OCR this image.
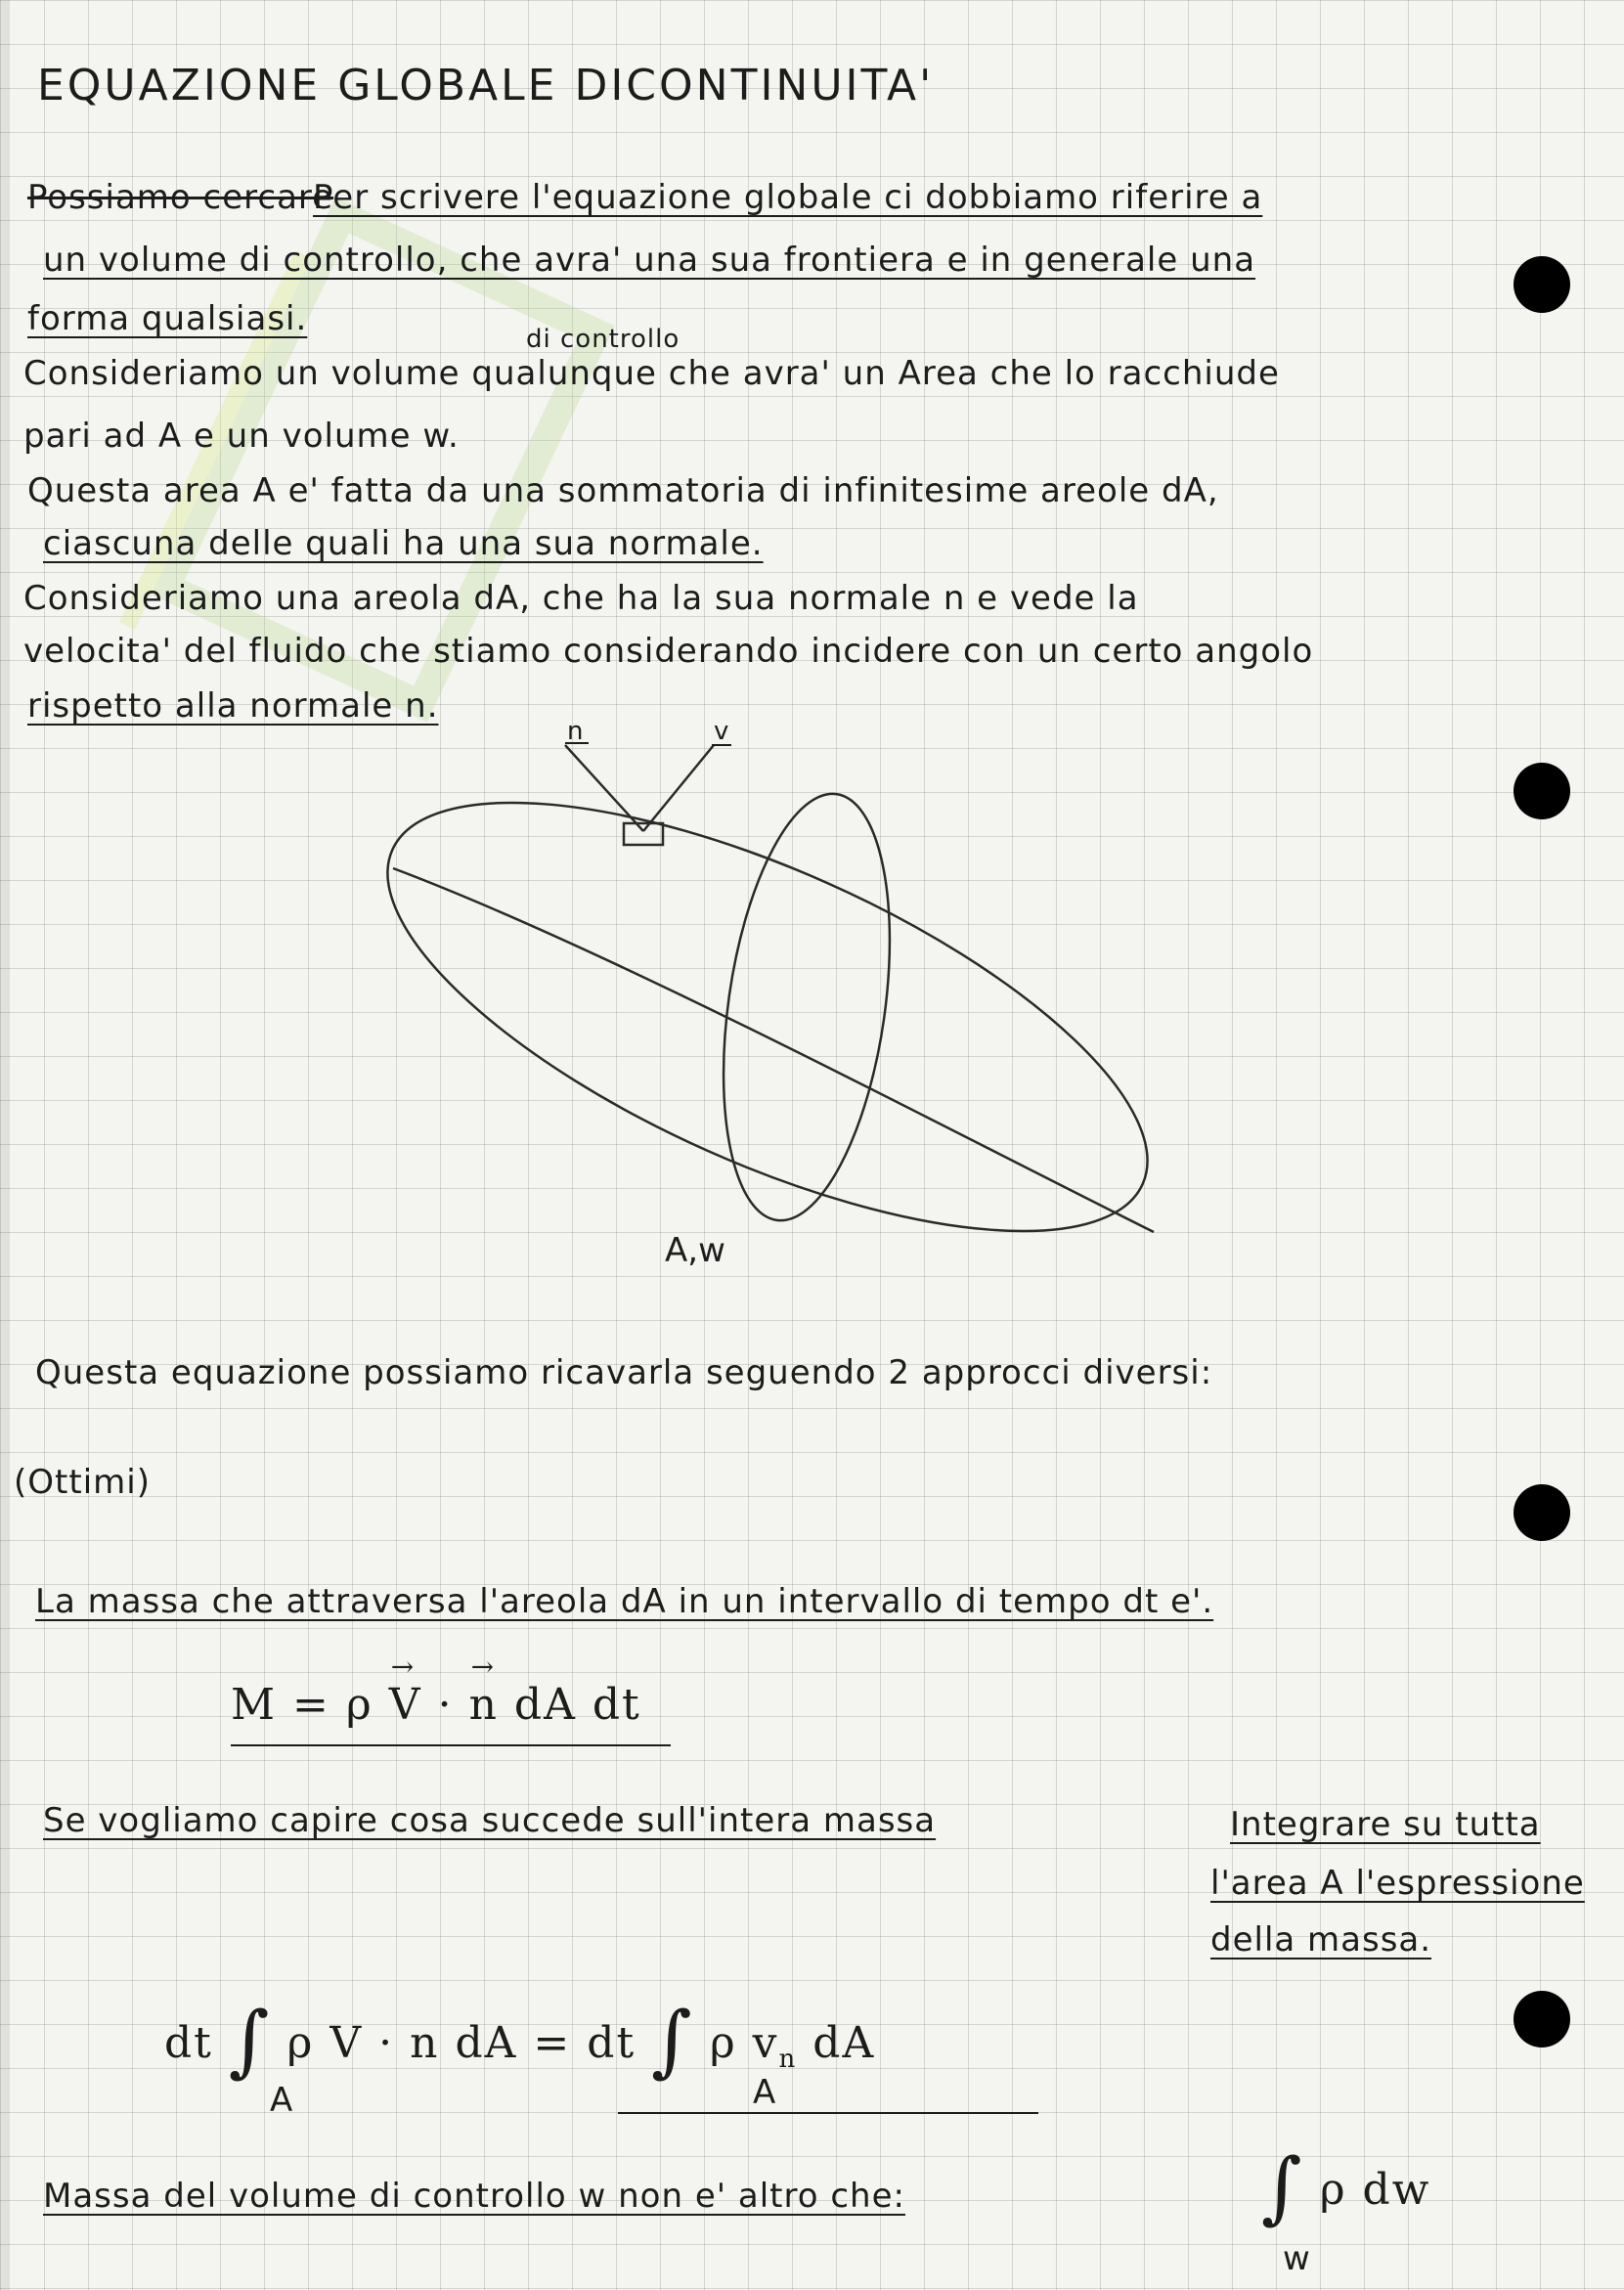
EQUAZIONE GLOBALE DICONTINUITA'
Possiamo cercare
Per scrivere l'equazione globale ci dobbiamo riferire a
un volume di controllo, che avra' una sua frontiera e in generale una
forma qualsiasi.
di controllo
Consideriamo un volume qualunque che avra' un Area che lo racchiude
pari ad A e un volume w.
Questa area A e' fatta da una sommatoria di infinitesime areole dA,
ciascuna delle quali ha una sua normale.
Consideriamo una areola dA, che ha la sua normale n e vede la
velocita' del fluido che stiamo considerando incidere con un certo angolo
rispetto alla normale n.
n	v
A,w
Questa equazione possiamo ricavarla seguendo 2 approcci diversi:
(Ottimi)
La massa che attraversa l'areola dA in un intervallo di tempo dt e'.
M = ρ → V · → n dA dt
Se vogliamo capire cosa succede sull'intera massa	Integrare su tutta
l'area A l'espressione
della massa.
dt ∫ ρ V · n dA = dt ∫ ρ $v_n$ dA
A	A
Massa del volume di controllo w non e' altro che:	∫ ρ dw
w
